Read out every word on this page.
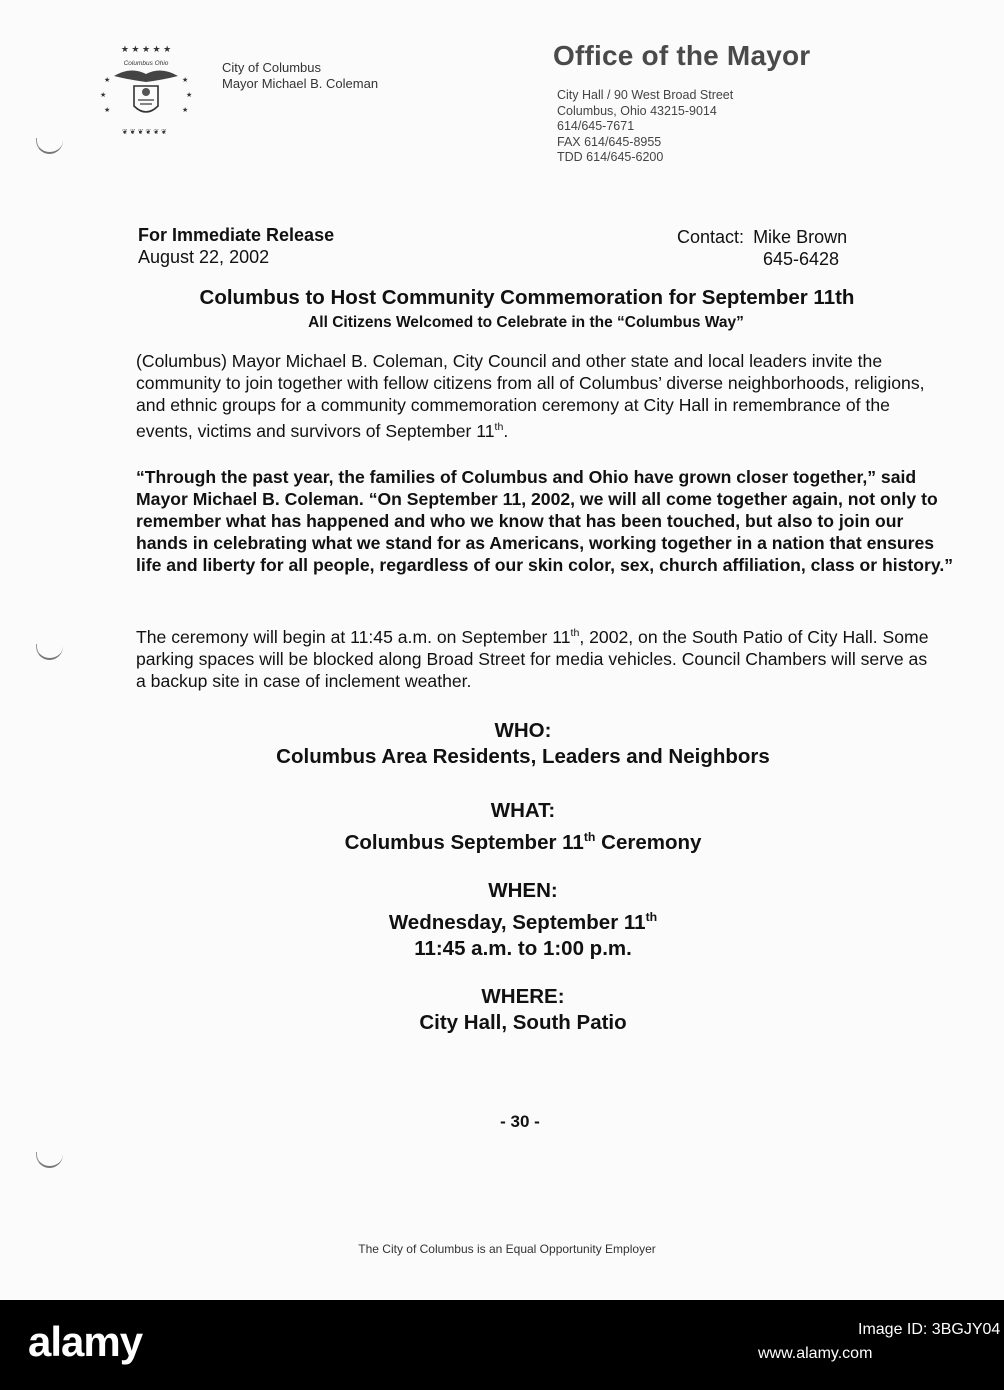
★ ★ ★ ★ ★
★
★
★
★
★
★
❦ ❦ ❦ ❦ ❦ ❦
Columbus Ohio	City of Columbus
Mayor Michael B. Coleman
Office of the Mayor
City Hall / 90 West Broad Street
Columbus, Ohio 43215-9014
614/645-7671
FAX 614/645-8955
TDD 614/645-6200
For Immediate Release
August 22, 2002
Contact: Mike Brown
645-6428
Columbus to Host Community Commemoration for September 11th
All Citizens Welcomed to Celebrate in the “Columbus Way”
(Columbus) Mayor Michael B. Coleman, City Council and other state and local leaders invite the community to join together with fellow citizens from all of Columbus’ diverse neighborhoods, religions, and ethnic groups for a community commemoration ceremony at City Hall in remembrance of the events, victims and survivors of September 11th.
“Through the past year, the families of Columbus and Ohio have grown closer together,” said Mayor Michael B. Coleman. “On September 11, 2002, we will all come together again, not only to remember what has happened and who we know that has been touched, but also to join our hands in celebrating what we stand for as Americans, working together in a nation that ensures life and liberty for all people, regardless of our skin color, sex, church affiliation, class or history.”
The ceremony will begin at 11:45 a.m. on September 11th, 2002, on the South Patio of City Hall. Some parking spaces will be blocked along Broad Street for media vehicles. Council Chambers will serve as a backup site in case of inclement weather.
WHO:
Columbus Area Residents, Leaders and Neighbors
WHAT:
Columbus September 11th Ceremony
WHEN:
Wednesday, September 11th
11:45 a.m. to 1:00 p.m.
WHERE:
City Hall, South Patio
- 30 -
The City of Columbus is an Equal Opportunity Employer
alamy	Image ID: 3BGJY04
www.alamy.com
